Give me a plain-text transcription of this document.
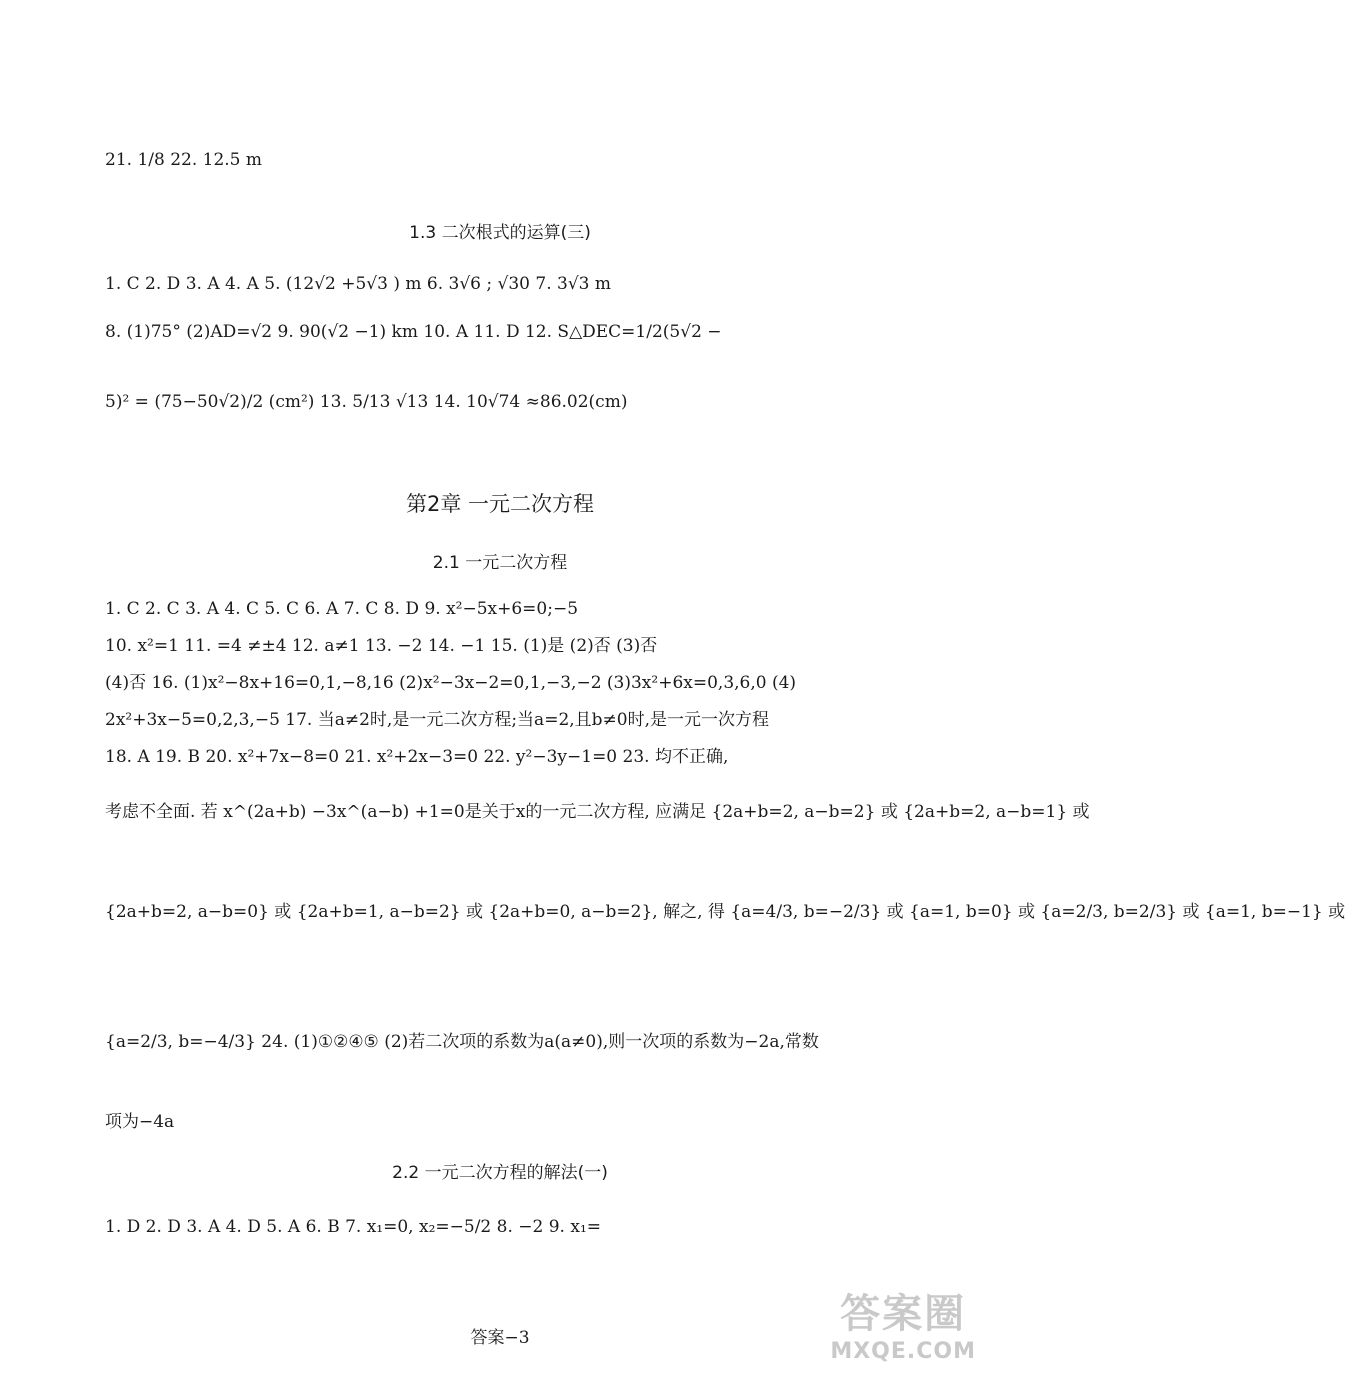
21. 1/8 22. 12.5 m
1.3 二次根式的运算(三)
1. C 2. D 3. A 4. A 5. (12√2 +5√3 ) m 6. 3√6 ; √30 7. 3√3 m
8. (1)75° (2)AD=√2 9. 90(√2 −1) km 10. A 11. D 12. S△DEC=1/2(5√2 −
5)² = (75−50√2)/2 (cm²) 13. 5/13 √13 14. 10√74 ≈86.02(cm)
第2章 一元二次方程
2.1 一元二次方程
1. C 2. C 3. A 4. C 5. C 6. A 7. C 8. D 9. x²−5x+6=0;−5
10. x²=1 11. =4 ≠±4 12. a≠1 13. −2 14. −1 15. (1)是 (2)否 (3)否
(4)否 16. (1)x²−8x+16=0,1,−8,16 (2)x²−3x−2=0,1,−3,−2 (3)3x²+6x=0,3,6,0 (4)
2x²+3x−5=0,2,3,−5 17. 当a≠2时,是一元二次方程;当a=2,且b≠0时,是一元一次方程
18. A 19. B 20. x²+7x−8=0 21. x²+2x−3=0 22. y²−3y−1=0 23. 均不正确,
考虑不全面. 若 x^(2a+b) −3x^(a−b) +1=0是关于x的一元二次方程, 应满足 {2a+b=2, a−b=2} 或 {2a+b=2, a−b=1} 或
{2a+b=2, a−b=0} 或 {2a+b=1, a−b=2} 或 {2a+b=0, a−b=2}, 解之, 得 {a=4/3, b=−2/3} 或 {a=1, b=0} 或 {a=2/3, b=2/3} 或 {a=1, b=−1} 或
{a=2/3, b=−4/3} 24. (1)①②④⑤ (2)若二次项的系数为a(a≠0),则一次项的系数为−2a,常数
项为−4a
2.2 一元二次方程的解法(一)
1. D 2. D 3. A 4. D 5. A 6. B 7. x₁=0, x₂=−5/2 8. −2 9. x₁=
答案−3
答案圈
MXQE.COM
